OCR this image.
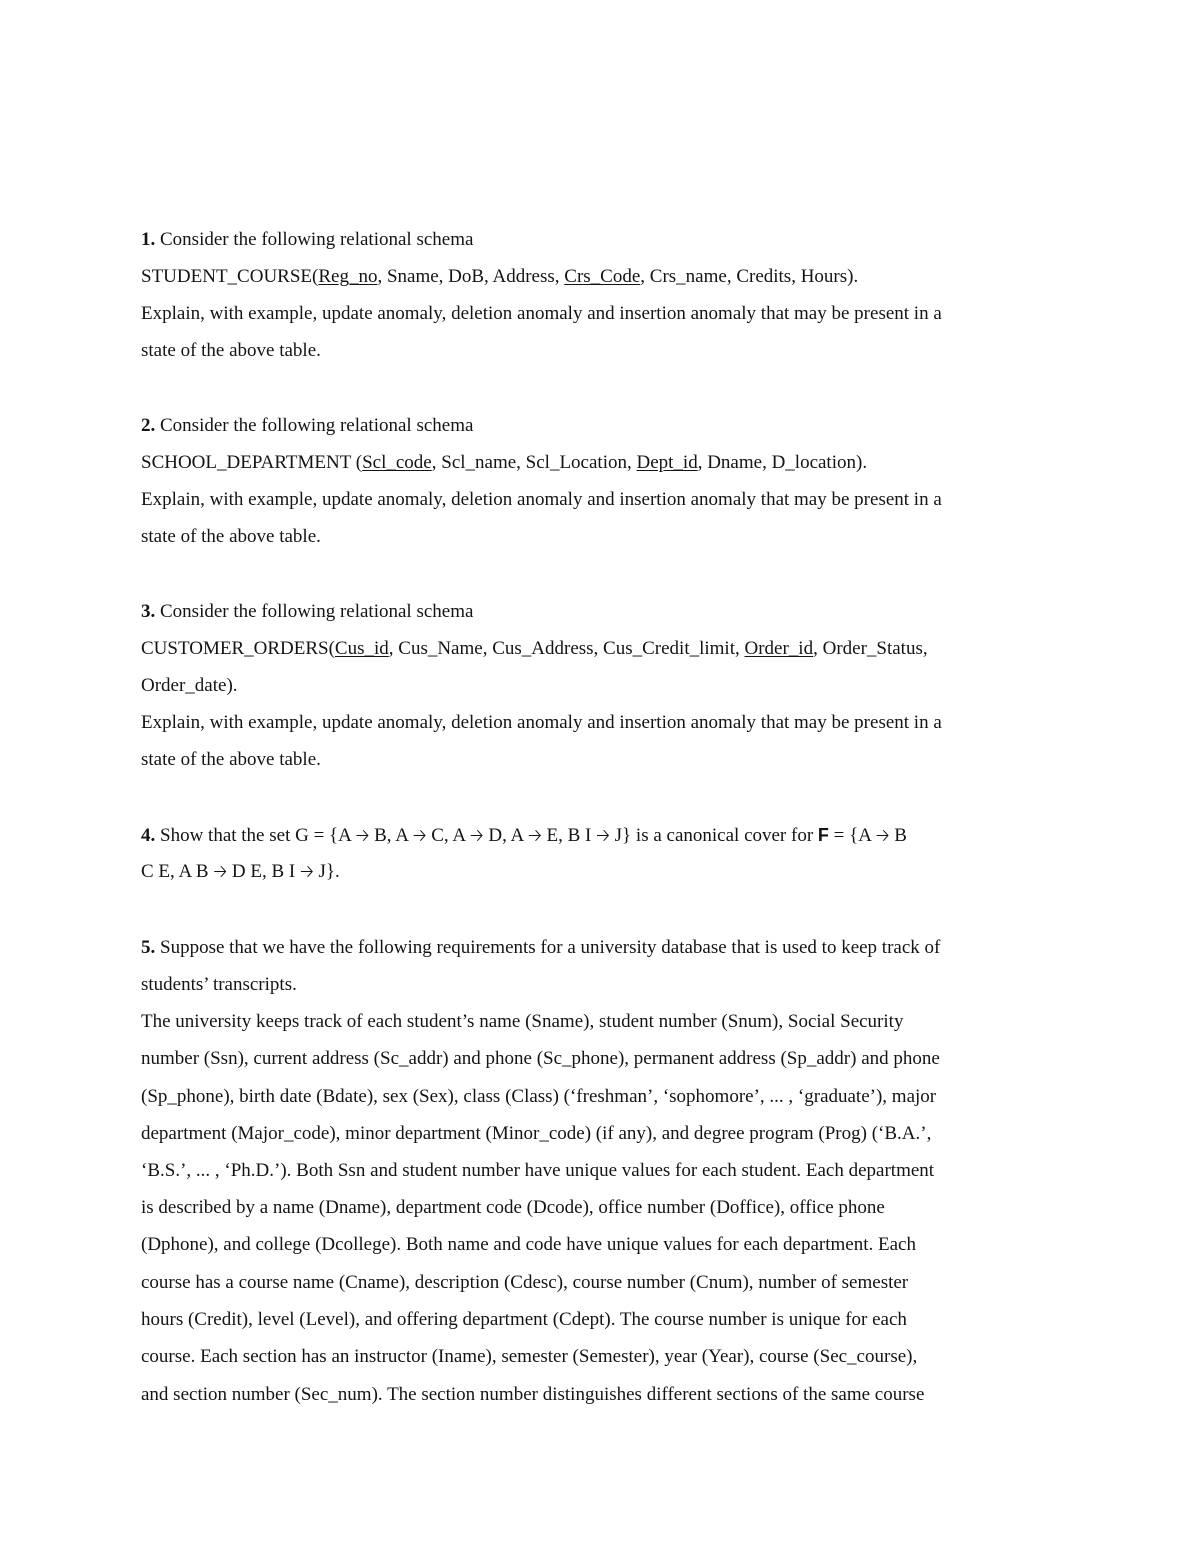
1. Consider the following relational schema
STUDENT_COURSE(Reg_no, Sname, DoB, Address, Crs_Code, Crs_name, Credits, Hours).
Explain, with example, update anomaly, deletion anomaly and insertion anomaly that may be present in a
state of the above table.
2. Consider the following relational schema
SCHOOL_DEPARTMENT (Scl_code, Scl_name, Scl_Location, Dept_id, Dname, D_location).
Explain, with example, update anomaly, deletion anomaly and insertion anomaly that may be present in a
state of the above table.
3. Consider the following relational schema
CUSTOMER_ORDERS(Cus_id, Cus_Name, Cus_Address, Cus_Credit_limit, Order_id, Order_Status,
Order_date).
Explain, with example, update anomaly, deletion anomaly and insertion anomaly that may be present in a
state of the above table.
4. Show that the set G = {A 🡢 B, A 🡢 C, A 🡢 D, A 🡢 E, B I 🡢 J} is a canonical cover for F = {A 🡢 B
C E, A B 🡢 D E, B I 🡢 J}.
5. Suppose that we have the following requirements for a university database that is used to keep track of
students’ transcripts.
The university keeps track of each student’s name (Sname), student number (Snum), Social Security
number (Ssn), current address (Sc_addr) and phone (Sc_phone), permanent address (Sp_addr) and phone
(Sp_phone), birth date (Bdate), sex (Sex), class (Class) (‘freshman’, ‘sophomore’, ... , ‘graduate’), major
department (Major_code), minor department (Minor_code) (if any), and degree program (Prog) (‘B.A.’,
‘B.S.’, ... , ‘Ph.D.’). Both Ssn and student number have unique values for each student. Each department
is described by a name (Dname), department code (Dcode), office number (Doffice), office phone
(Dphone), and college (Dcollege). Both name and code have unique values for each department. Each
course has a course name (Cname), description (Cdesc), course number (Cnum), number of semester
hours (Credit), level (Level), and offering department (Cdept). The course number is unique for each
course. Each section has an instructor (Iname), semester (Semester), year (Year), course (Sec_course),
and section number (Sec_num). The section number distinguishes different sections of the same course
